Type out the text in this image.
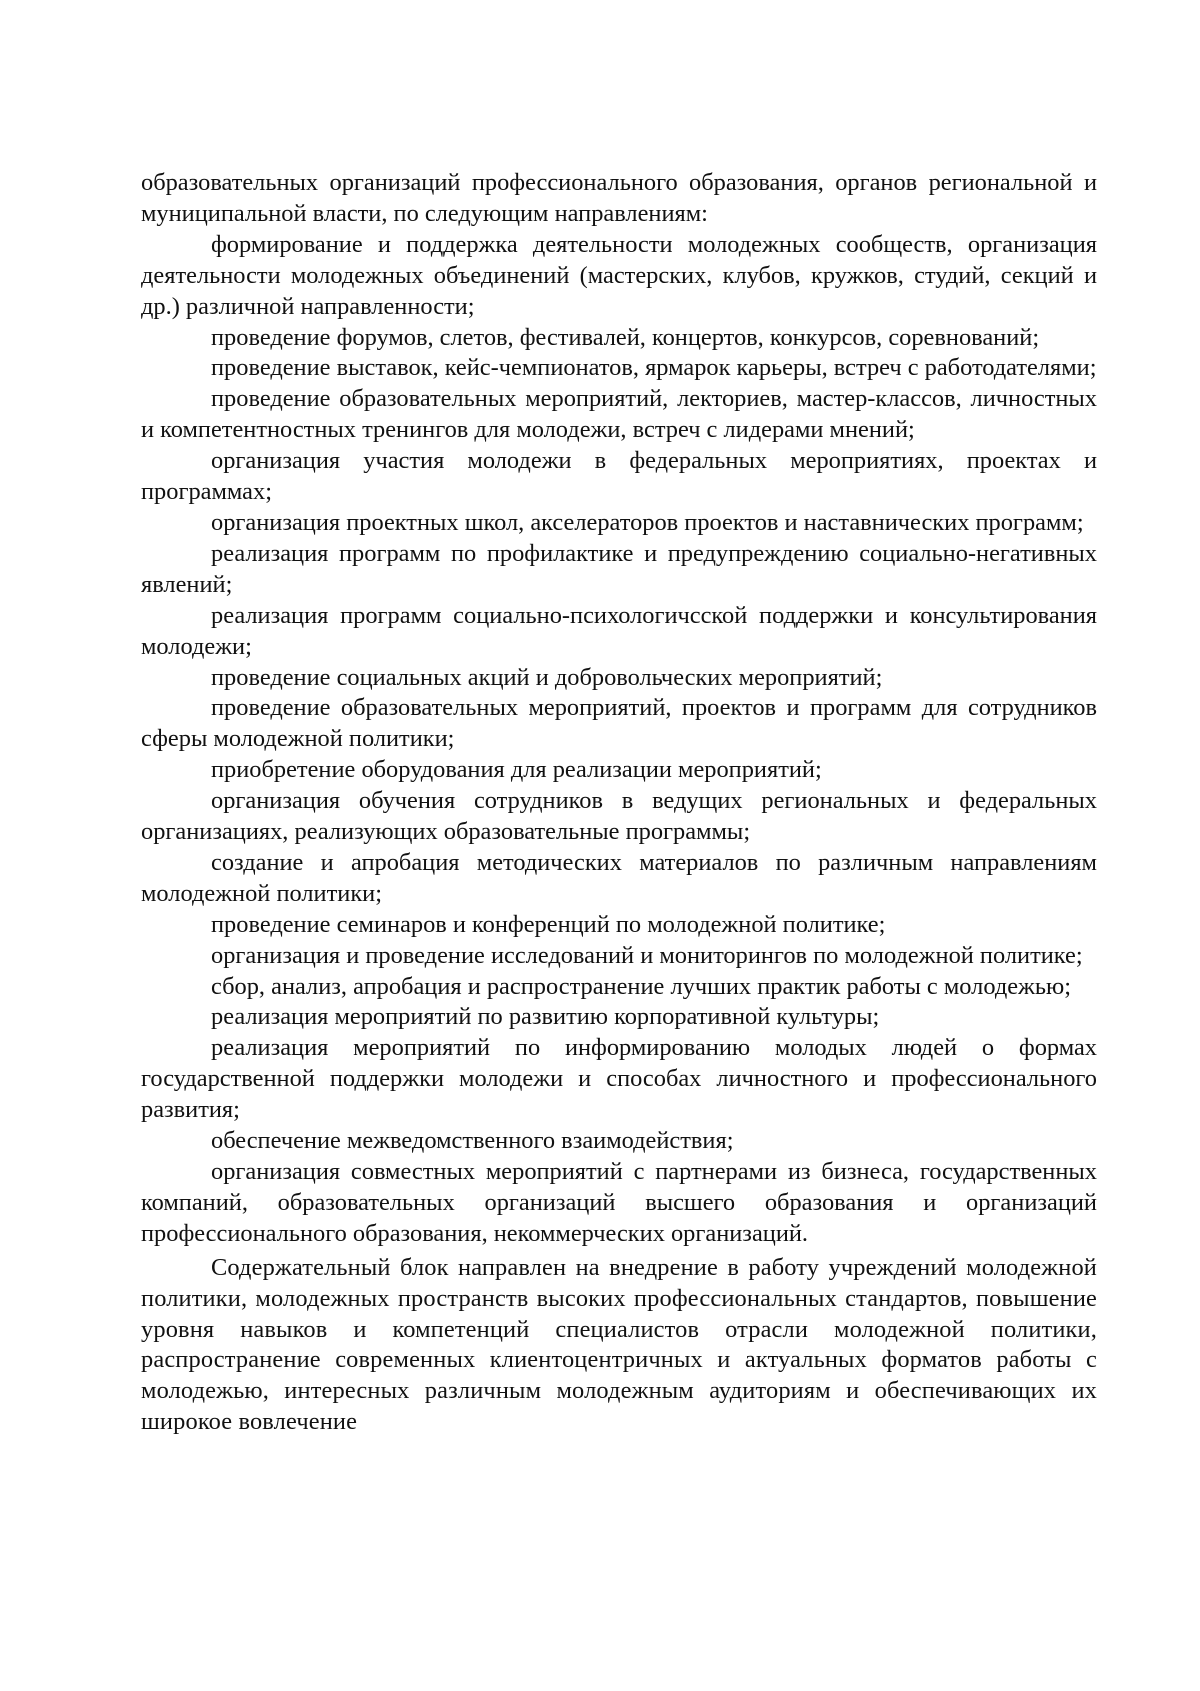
образовательных организаций профессионального образования, органов региональной и муниципальной власти, по следующим направлениям:

формирование и поддержка деятельности молодежных сообществ, организация деятельности молодежных объединений (мастерских, клубов, кружков, студий, секций и др.) различной направленности;

проведение форумов, слетов, фестивалей, концертов, конкурсов, соревнований;

проведение выставок, кейс-чемпионатов, ярмарок карьеры, встреч с работодателями;

проведение образовательных мероприятий, лекториев, мастер-классов, личностных и компетентностных тренингов для молодежи, встреч с лидерами мнений;

организация участия молодежи в федеральных мероприятиях, проектах и программах;

организация проектных школ, акселераторов проектов и наставнических программ;

реализация программ по профилактике и предупреждению социально-негативных явлений;

реализация программ социально-психологичсской поддержки и консультирования молодежи;

проведение социальных акций и добровольческих мероприятий;

проведение образовательных мероприятий, проектов и программ для сотрудников сферы молодежной политики;

приобретение оборудования для реализации мероприятий;

организация обучения сотрудников в ведущих региональных и федеральных организациях, реализующих образовательные программы;

создание и апробация методических материалов по различным направлениям молодежной политики;

проведение семинаров и конференций по молодежной политике;

организация и проведение исследований и мониторингов по молодежной политике;

сбор, анализ, апробация и распространение лучших практик работы с молодежью;

реализация мероприятий по развитию корпоративной культуры;

реализация мероприятий по информированию молодых людей о формах государственной поддержки молодежи и способах личностного и профессионального развития;

обеспечение межведомственного взаимодействия;

организация совместных мероприятий с партнерами из бизнеса, государственных компаний, образовательных организаций высшего образования и организаций профессионального образования, некоммерческих организаций.

Содержательный блок направлен на внедрение в работу учреждений молодежной политики, молодежных пространств высоких профессиональных стандартов, повышение уровня навыков и компетенций специалистов отрасли молодежной политики, распространение современных клиентоцентричных и актуальных форматов работы с молодежью, интересных различным молодежным аудиториям и обеспечивающих их широкое вовлечение
